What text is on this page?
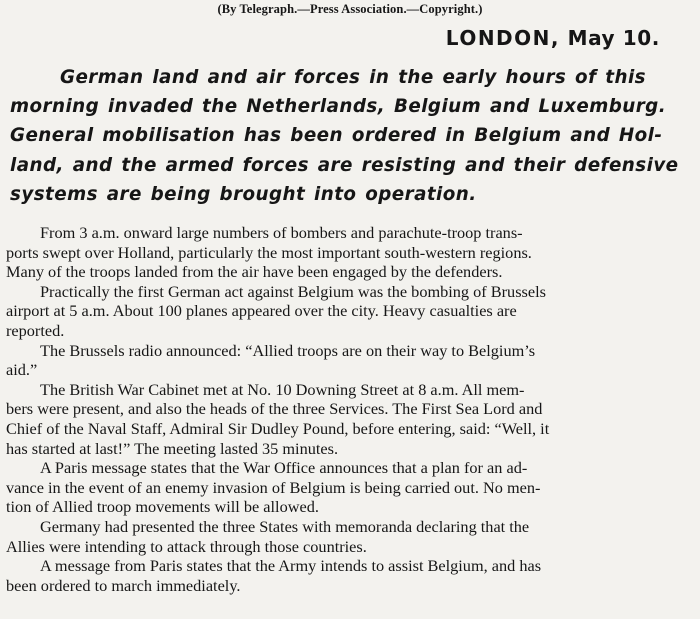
(By Telegraph.—Press Association.—Copyright.)
LONDON, May 10.
German land and air forces in the early hours of this
morning invaded the Netherlands, Belgium and Luxemburg.
General mobilisation has been ordered in Belgium and Hol-
land, and the armed forces are resisting and their defensive
systems are being brought into operation.
From 3 a.m. onward large numbers of bombers and parachute-troop trans-
ports swept over Holland, particularly the most important south-western regions.
Many of the troops landed from the air have been engaged by the defenders.
Practically the first German act against Belgium was the bombing of Brussels
airport at 5 a.m. About 100 planes appeared over the city. Heavy casualties are
reported.
The Brussels radio announced: “Allied troops are on their way to Belgium’s
aid.”
The British War Cabinet met at No. 10 Downing Street at 8 a.m. All mem-
bers were present, and also the heads of the three Services. The First Sea Lord and
Chief of the Naval Staff, Admiral Sir Dudley Pound, before entering, said: “Well, it
has started at last!” The meeting lasted 35 minutes.
A Paris message states that the War Office announces that a plan for an ad-
vance in the event of an enemy invasion of Belgium is being carried out. No men-
tion of Allied troop movements will be allowed.
Germany had presented the three States with memoranda declaring that the
Allies were intending to attack through those countries.
A message from Paris states that the Army intends to assist Belgium, and has
been ordered to march immediately.
